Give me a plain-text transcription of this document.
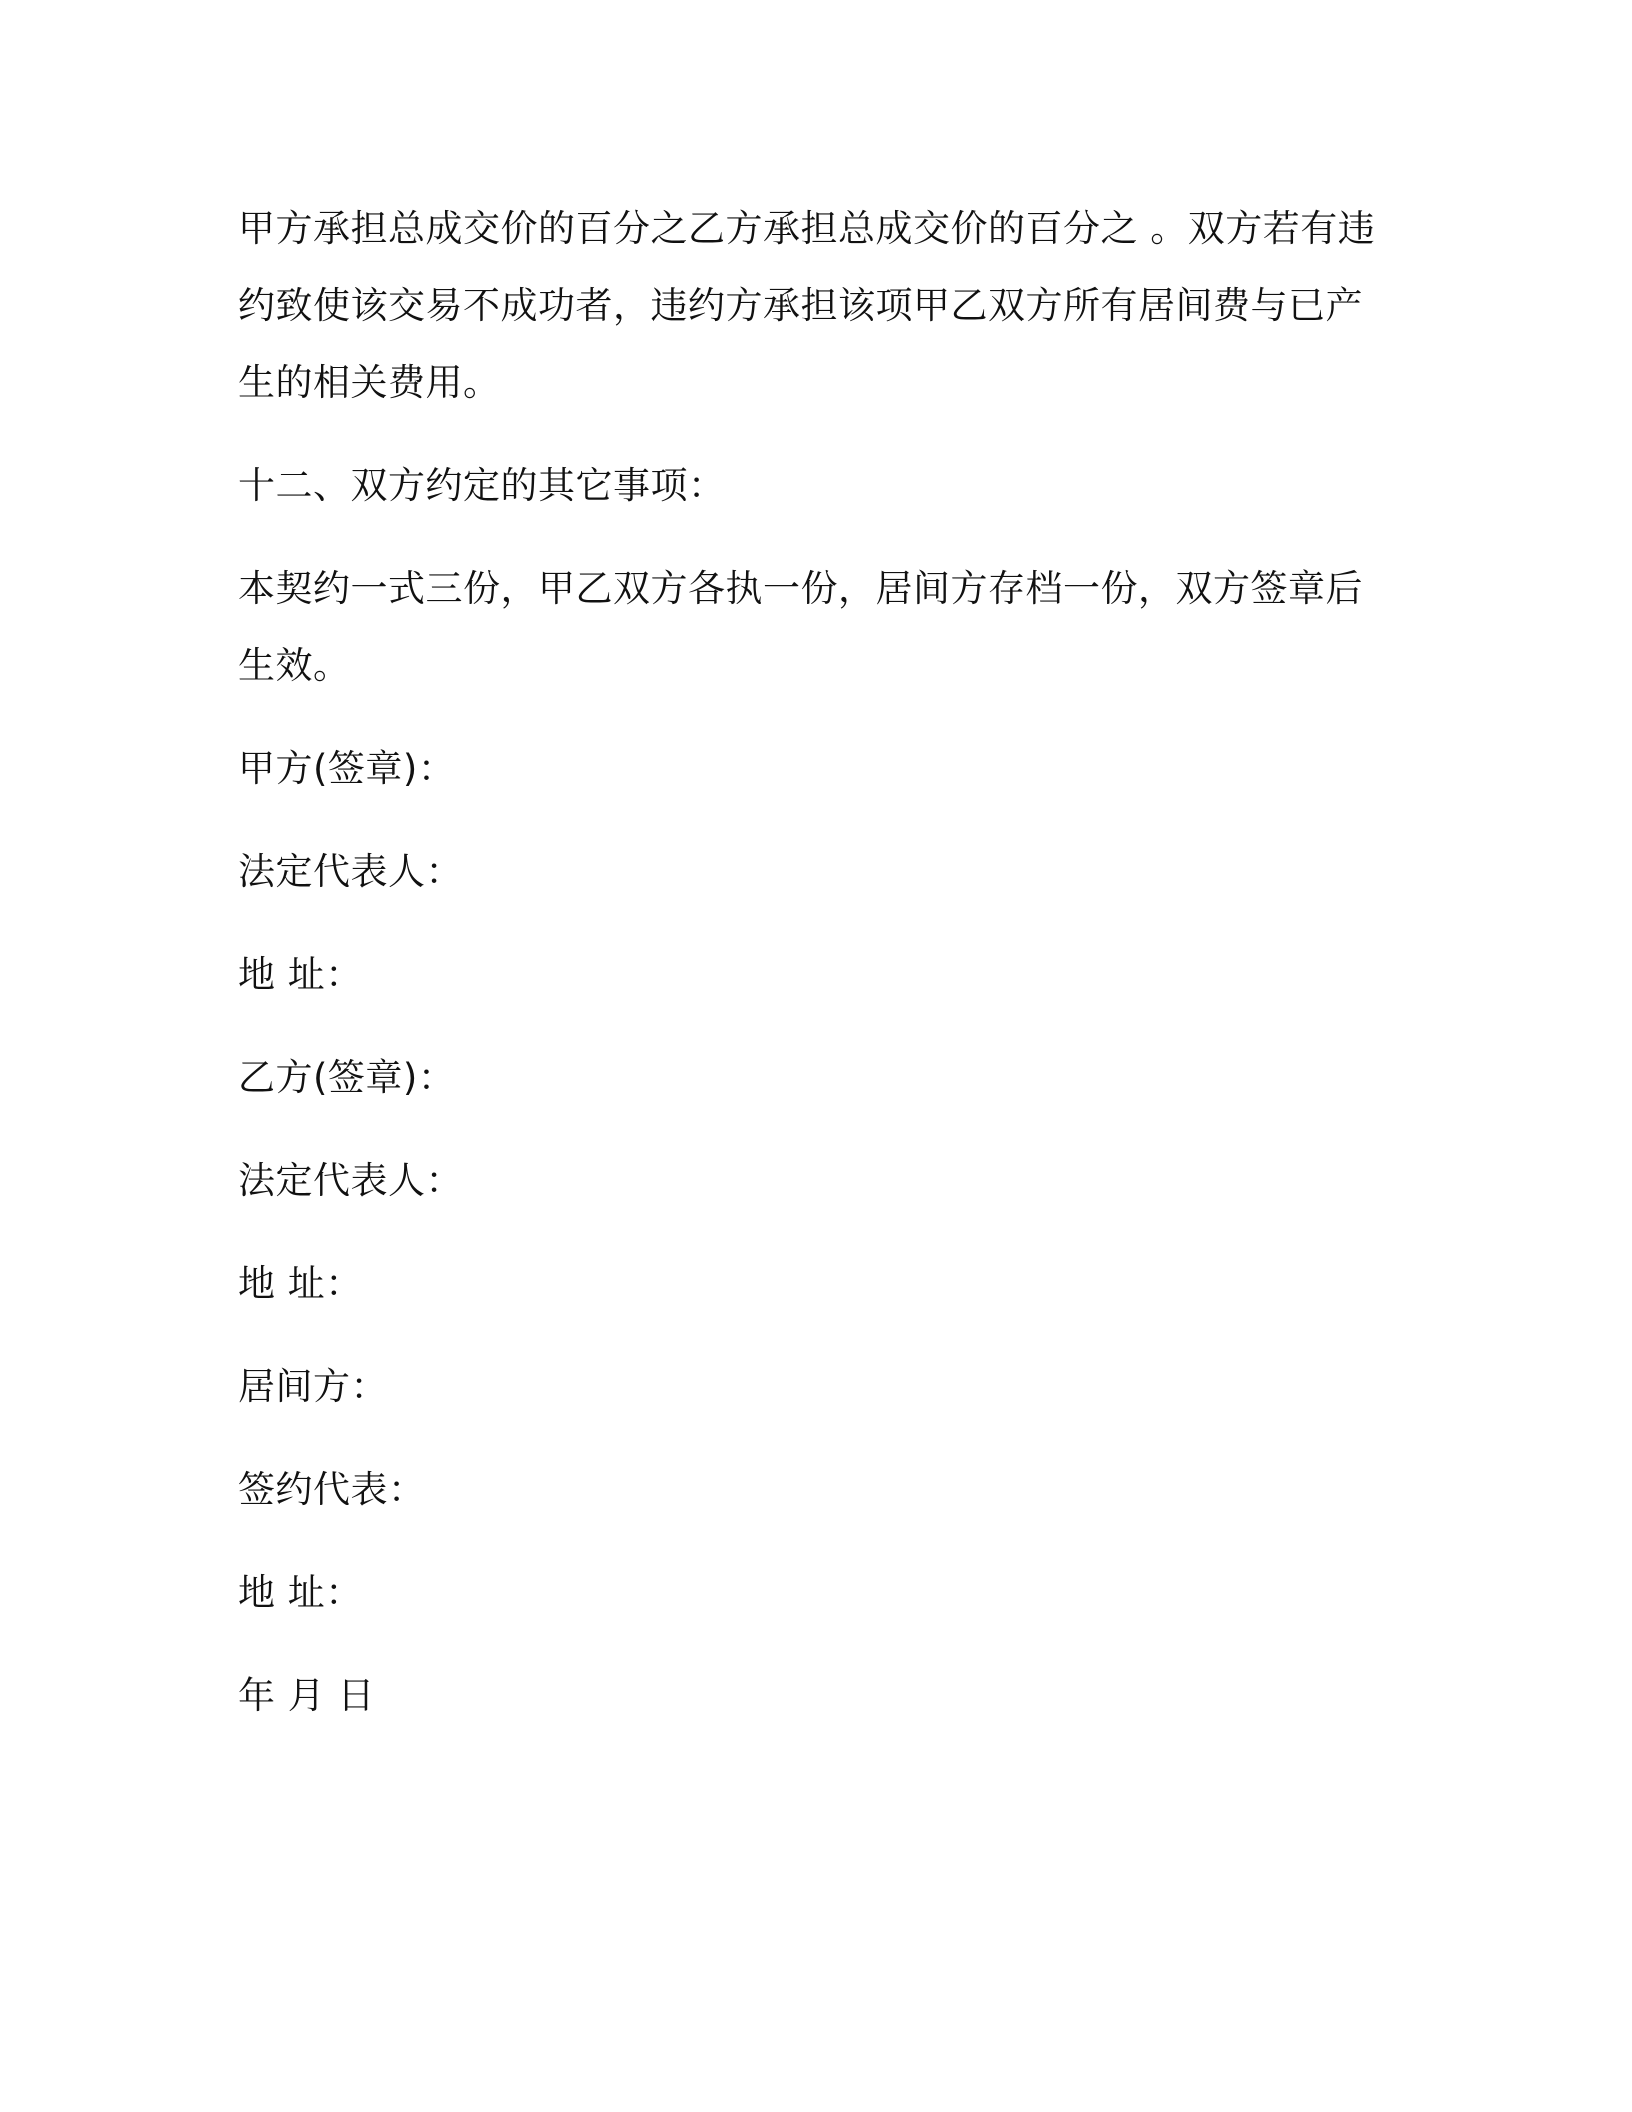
甲方承担总成交价的百分之乙方承担总成交价的百分之 。双方若有违约致使该交易不成功者，违约方承担该项甲乙双方所有居间费与已产生的相关费用。

十二、双方约定的其它事项：

本契约一式三份，甲乙双方各执一份，居间方存档一份，双方签章后生效。

甲方(签章)：

法定代表人：

地 址：

乙方(签章)：

法定代表人：

地 址：

居间方：

签约代表：

地 址：

年 月 日
